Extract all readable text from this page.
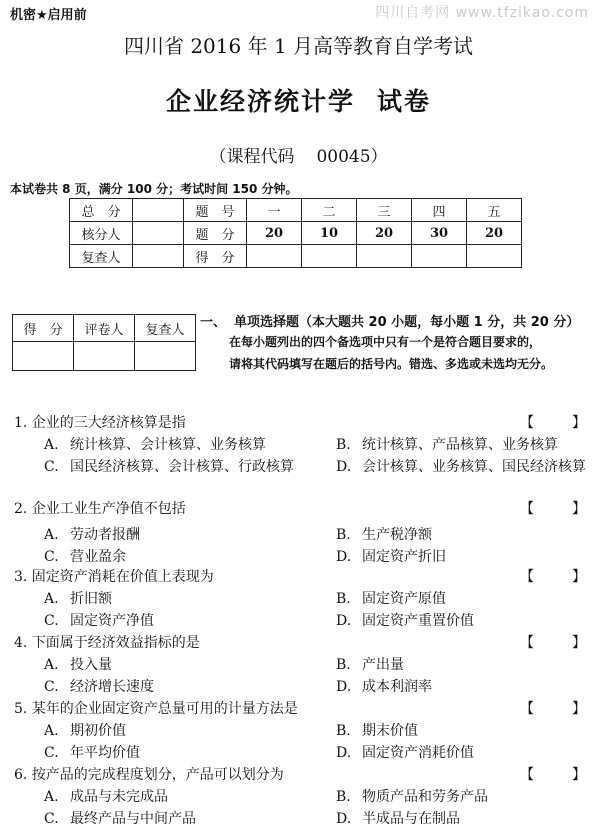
机密★启用前	四川自考网 www.tfzikao.com
四川省 2016 年 1 月高等教育自学考试
企业经济统计学 试卷
（课程代码 00045）
本试卷共 8 页，满分 100 分；考试时间 150 分钟。
总　分		题　号	一	二	三	四	五
核分人		题　分	20	10	20	30	20
复查人		得　分					
得　分	评卷人	复查人
		一、 单项选择题（本大题共 20 小题，每小题 1 分，共 20 分）
在每小题列出的四个备选项中只有一个是符合题目要求的，
请将其代码填写在题后的括号内。错选、多选或未选均无分。
1. 企业的三大经济核算是指	【	】
A. 统计核算、会计核算、业务核算	B. 统计核算、产品核算、业务核算
C. 国民经济核算、会计核算、行政核算	D. 会计核算、业务核算、国民经济核算
2. 企业工业生产净值不包括	【	】
A. 劳动者报酬	B. 生产税净额
C. 营业盈余	D. 固定资产折旧
3. 固定资产消耗在价值上表现为	【	】
A. 折旧额	B. 固定资产原值
C. 固定资产净值	D. 固定资产重置价值
4. 下面属于经济效益指标的是	【	】
A. 投入量	B. 产出量
C. 经济增长速度	D. 成本利润率
5. 某年的企业固定资产总量可用的计量方法是	【	】
A. 期初价值	B. 期末价值
C. 年平均价值	D. 固定资产消耗价值
6. 按产品的完成程度划分，产品可以划分为	【	】
A. 成品与未完成品	B. 物质产品和劳务产品
C. 最终产品与中间产品	D. 半成品与在制品
